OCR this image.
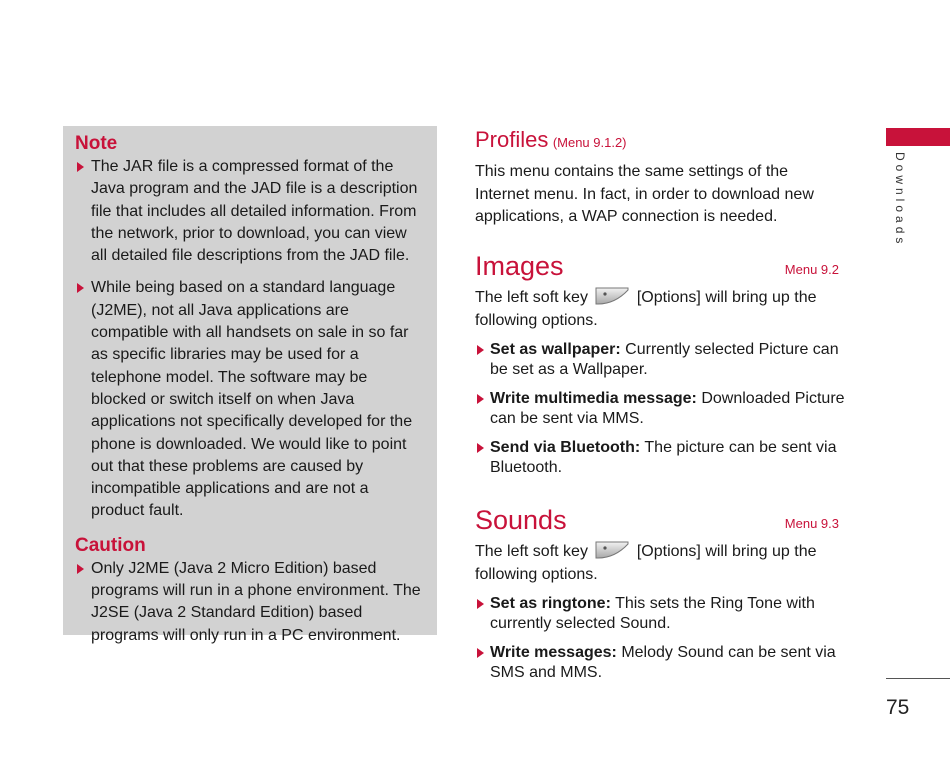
Note
The JAR file is a compressed format of the Java program and the JAD file is a description file that includes all detailed information. From the network, prior to download, you can view all detailed file descriptions from the JAD file.
While being based on a standard language (J2ME), not all Java applications are compatible with all handsets on sale in so far as specific libraries may be used for a telephone model. The software may be blocked or switch itself on when Java applications not specifically developed for the phone is downloaded. We would like to point out that these problems are caused by incompatible applications and are not a product fault.
Caution
Only J2ME (Java 2 Micro Edition) based programs will run in a phone environment. The J2SE (Java 2 Standard Edition) based programs will only run in a PC environment.
Profiles (Menu 9.1.2)
This menu contains the same settings of the Internet menu. In fact, in order to download new applications, a WAP connection is needed.
Images	Menu 9.2
The left soft key	[Options] will bring up the following options.
Set as wallpaper: Currently selected Picture can be set as a Wallpaper.
Write multimedia message: Downloaded Picture can be sent via MMS.
Send via Bluetooth: The picture can be sent via Bluetooth.
Sounds	Menu 9.3
The left soft key	[Options] will bring up the following options.
Set as ringtone: This sets the Ring Tone with currently selected Sound.
Write messages: Melody Sound can be sent via SMS and MMS.
Downloads
75
